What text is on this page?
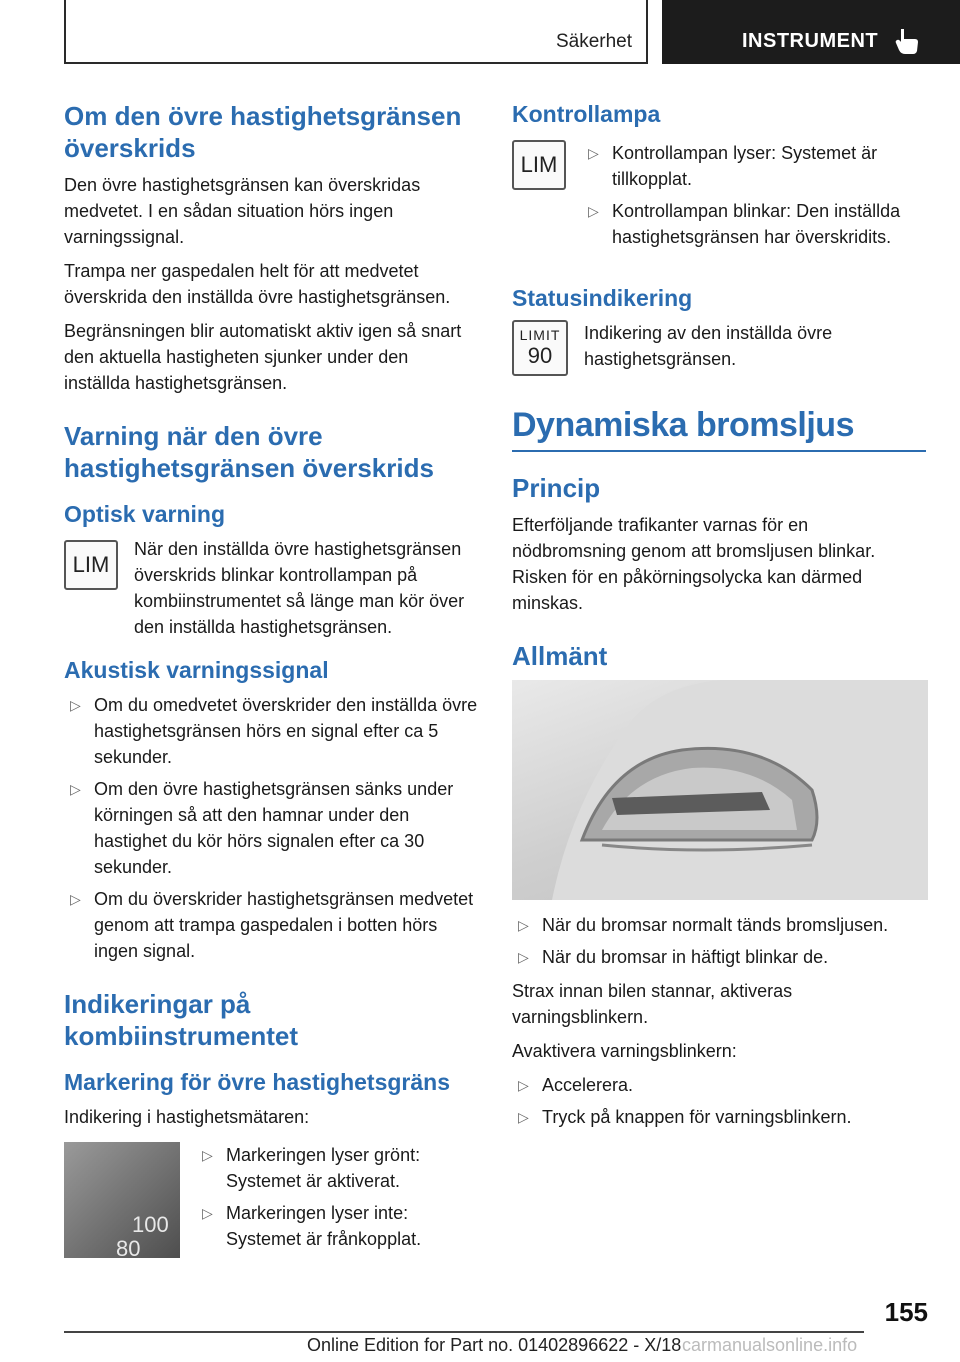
Säkerhet	INSTRUMENT
Om den övre hastighetsgränsen överskrids

Den övre hastighetsgränsen kan överskridas medvetet. I en sådan situation hörs ingen varningssignal.

Trampa ner gaspedalen helt för att medvetet överskrida den inställda övre hastighetsgränsen.

Begränsningen blir automatiskt aktiv igen så snart den aktuella hastigheten sjunker under den inställda hastighetsgränsen.

Varning när den övre hastighetsgränsen överskrids
Optisk varning
LIM

När den inställda övre hastighetsgränsen överskrids blinkar kontrollampan på kombiinstrumentet så länge man kör över den inställda hastighetsgränsen.

Akustisk varningssignal
▷ Om du omedvetet överskrider den inställda övre hastighetsgränsen hörs en signal efter ca 5 sekunder.
▷ Om den övre hastighetsgränsen sänks under körningen så att den hamnar under den hastighet du kör hörs signalen efter ca 30 sekunder.
▷ Om du överskrider hastighetsgränsen medvetet genom att trampa gaspedalen i botten hörs ingen signal.
Indikeringar på kombiinstrumentet
Markering för övre hastighetsgräns

Indikering i hastighetsmätaren:

100
80
▷ Markeringen lyser grönt: Systemet är aktiverat.
▷ Markeringen lyser inte: Systemet är frånkopplat.
Kontrollampa
LIM
▷	Kontrollampan lyser: Systemet är tillkopplat.
▷ Kontrollampan blinkar: Den inställda hastighetsgränsen har överskridits.
Statusindikering
LIMIT
90

Indikering av den inställda övre hastighetsgränsen.

Dynamiska bromsljus
Princip

Efterföljande trafikanter varnas för en nödbromsning genom att bromsljusen blinkar. Risken för en påkörningsolycka kan därmed minskas.

Allmänt
▷ När du bromsar normalt tänds bromsljusen.
▷ När du bromsar in häftigt blinkar de.

Strax innan bilen stannar, aktiveras varningsblinkern.

Avaktivera varningsblinkern:

▷ Accelerera.
▷ Tryck på knappen för varningsblinkern.
155
Online Edition for Part no. 01402896622 - X/18 carmanualsonline.info
